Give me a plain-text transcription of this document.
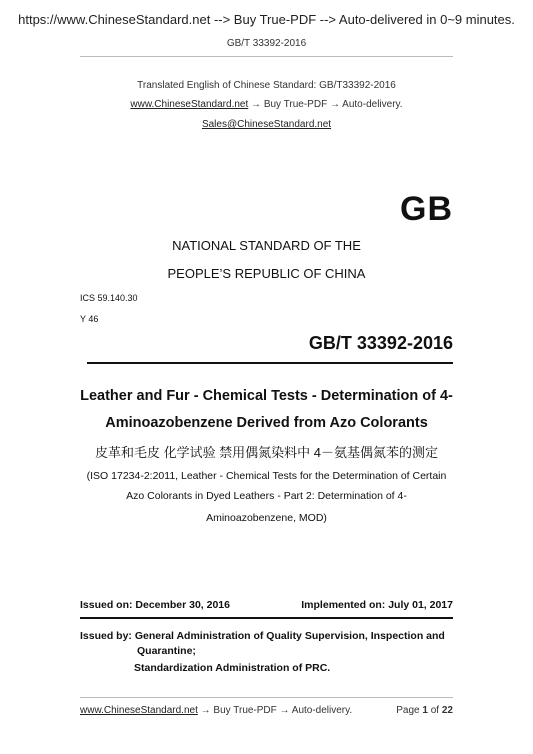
https://www.ChineseStandard.net --> Buy True-PDF --> Auto-delivered in 0~9 minutes.
GB/T 33392-2016
Translated English of Chinese Standard: GB/T33392-2016
www.ChineseStandard.net → Buy True-PDF → Auto-delivery.
Sales@ChineseStandard.net
GB
NATIONAL STANDARD OF THE
PEOPLE’S REPUBLIC OF CHINA
ICS 59.140.30
Y 46
GB/T 33392-2016
Leather and Fur - Chemical Tests - Determination of 4-
Aminoazobenzene Derived from Azo Colorants
皮革和毛皮 化学试验 禁用偶氮染料中 4－氨基偶氮苯的测定
(ISO 17234-2:2011, Leather - Chemical Tests for the Determination of Certain
Azo Colorants in Dyed Leathers - Part 2: Determination of 4-
Aminoazobenzene, MOD)
Issued on: December 30, 2016	Implemented on: July 01, 2017
Issued by: General Administration of Quality Supervision, Inspection and
Quarantine;
Standardization Administration of PRC.
www.ChineseStandard.net → Buy True-PDF → Auto-delivery.	Page 1 of 22
